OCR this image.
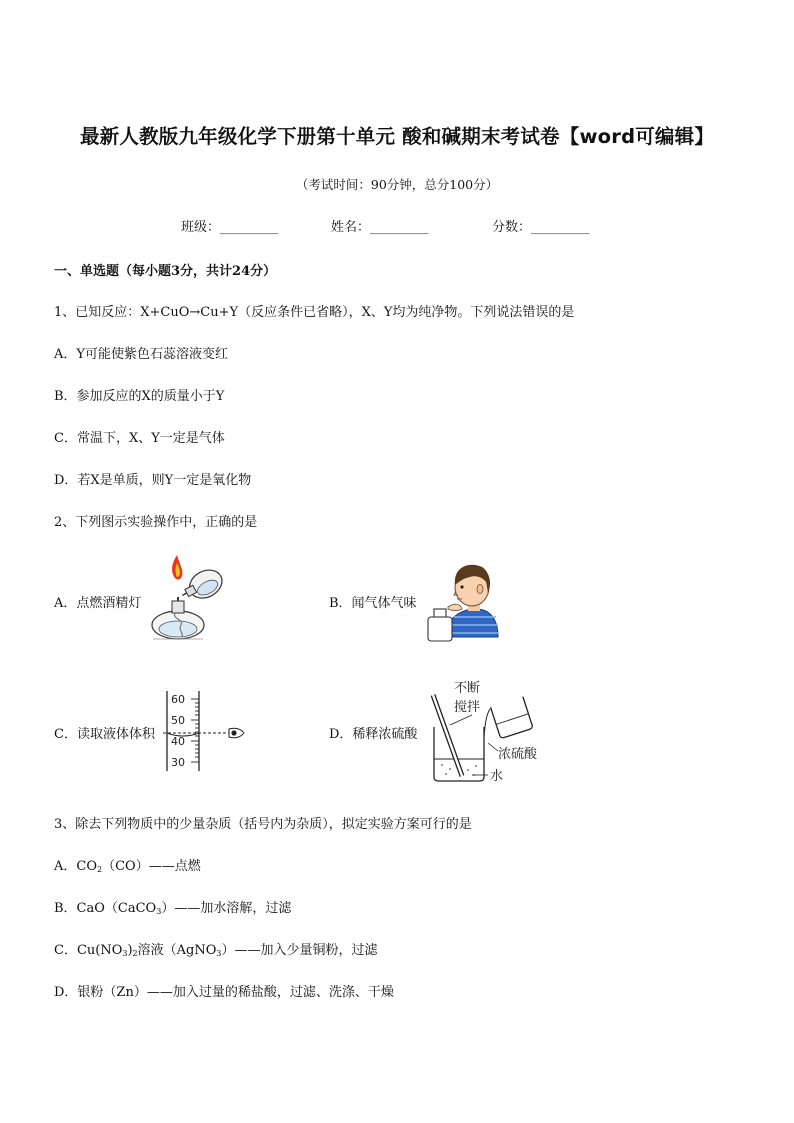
最新人教版九年级化学下册第十单元 酸和碱期末考试卷【word可编辑】
（考试时间：90分钟，总分100分）
班级：_________	姓名：_________	分数：_________
一、单选题（每小题3分，共计24分）
1、已知反应：X+CuO→Cu+Y（反应条件已省略），X、Y均为纯净物。下列说法错误的是
A．Y可能使紫色石蕊溶液变红
B．参加反应的X的质量小于Y
C．常温下，X、Y一定是气体
D．若X是单质，则Y一定是氧化物
2、下列图示实验操作中，正确的是
A．点燃酒精灯	B．闻气体气味
C．读取液体体积
60
50
40
30
D．稀释浓硫酸
不断
搅拌
浓硫酸
水
3、除去下列物质中的少量杂质（括号内为杂质），拟定实验方案可行的是
A．$CO_2(CO)——$点燃
B．CaO（CaCO$_3$）——加水溶解，过滤
C．$Cu(NO_3)_2$溶液（AgNO$_3$）——加入少量铜粉，过滤
D．银粉（Zn）——加入过量的稀盐酸，过滤、洗涤、干燥
